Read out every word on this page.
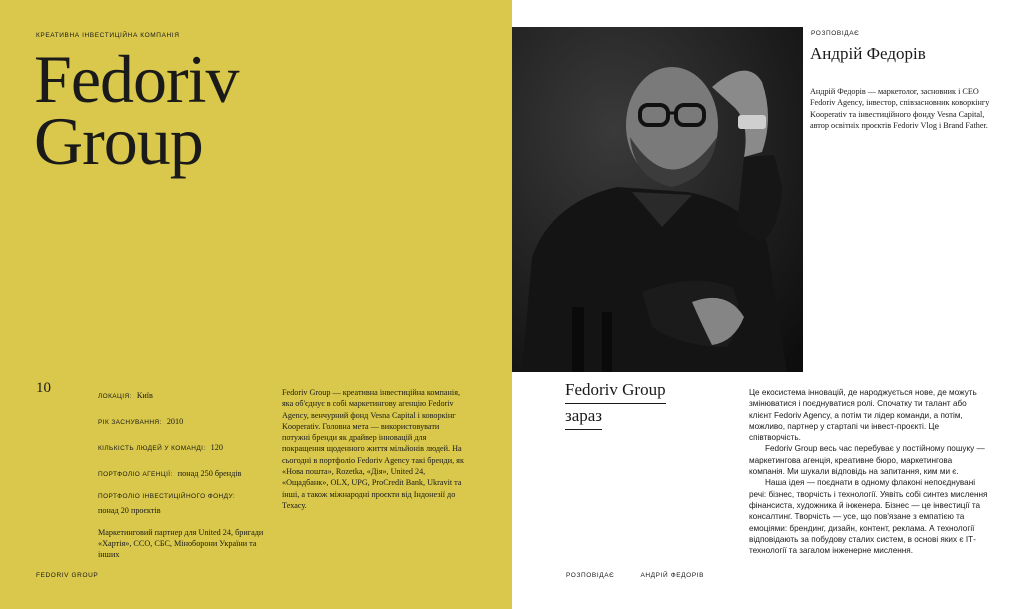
КРЕАТИВНА ІНВЕСТИЦІЙНА КОМПАНІЯ
Fedoriv
Group
10
ЛОКАЦІЯ: Київ
РІК ЗАСНУВАННЯ: 2010
КІЛЬКІСТЬ ЛЮДЕЙ У КОМАНДІ: 120
ПОРТФОЛІО АГЕНЦІЇ: понад 250 брендів
ПОРТФОЛІО ІНВЕСТИЦІЙНОГО ФОНДУ:
понад 20 проєктів
Маркетинговий партнер для United 24, бригади «Хартія», ССО, СБС, Міноборони України та інших
Fedoriv Group — креативна інвестиційна компанія, яка об'єднує в собі маркетингову агенцію Fedoriv Agency, венчурний фонд Vesna Capital і коворкінг Kooperativ. Головна мета — використовувати потужні бренди як драйвер інновацій для покращення щоденного життя мільйонів людей. На сьогодні в портфоліо Fedoriv Agency такі бренди, як «Нова пошта», Rozetka, «Дія», United 24, «Ощадбанк», OLX, UPG, ProCredit Bank, Ukravit та інші, а також міжнародні проєкти від Індонезії до Техасу.
FEDORIV GROUP
РОЗПОВІДАЄ
Андрій Федорів
Андрій Федорів — маркетолог, засновник і CEO Fedoriv Agency, інвестор, співзасновник коворкінгу Kooperativ та інвестиційного фонду Vesna Capital, автор освітніх проєктів Fedoriv Vlog і Brand Father.
Fedoriv Group
зараз

Це екосистема інновацій, де народжується нове, де можуть змінюватися і поєднуватися ролі. Спочатку ти талант або клієнт Fedoriv Agency, а потім ти лідер команди, а потім, можливо, партнер у стартапі чи інвест-проєкті. Це співтворчість.

Fedoriv Group весь час перебуває у постійному пошуку — маркетингова агенція, креативне бюро, маркетингова компанія. Ми шукали відповідь на запитання, ким ми є.

Наша ідея — поєднати в одному флаконі непоєднувані речі: бізнес, творчість і технології. Уявіть собі синтез мислення фінансиста, художника й інженера. Бізнес — це інвестиції та консалтинг. Творчість — усе, що пов'язане з емпатією та емоціями: брендинг, дизайн, контент, реклама. А технології відповідають за побудову сталих систем, в основі яких є ІТ-технології та загалом інженерне мислення.

РОЗПОВІДАЄ	АНДРІЙ ФЕДОРІВ
